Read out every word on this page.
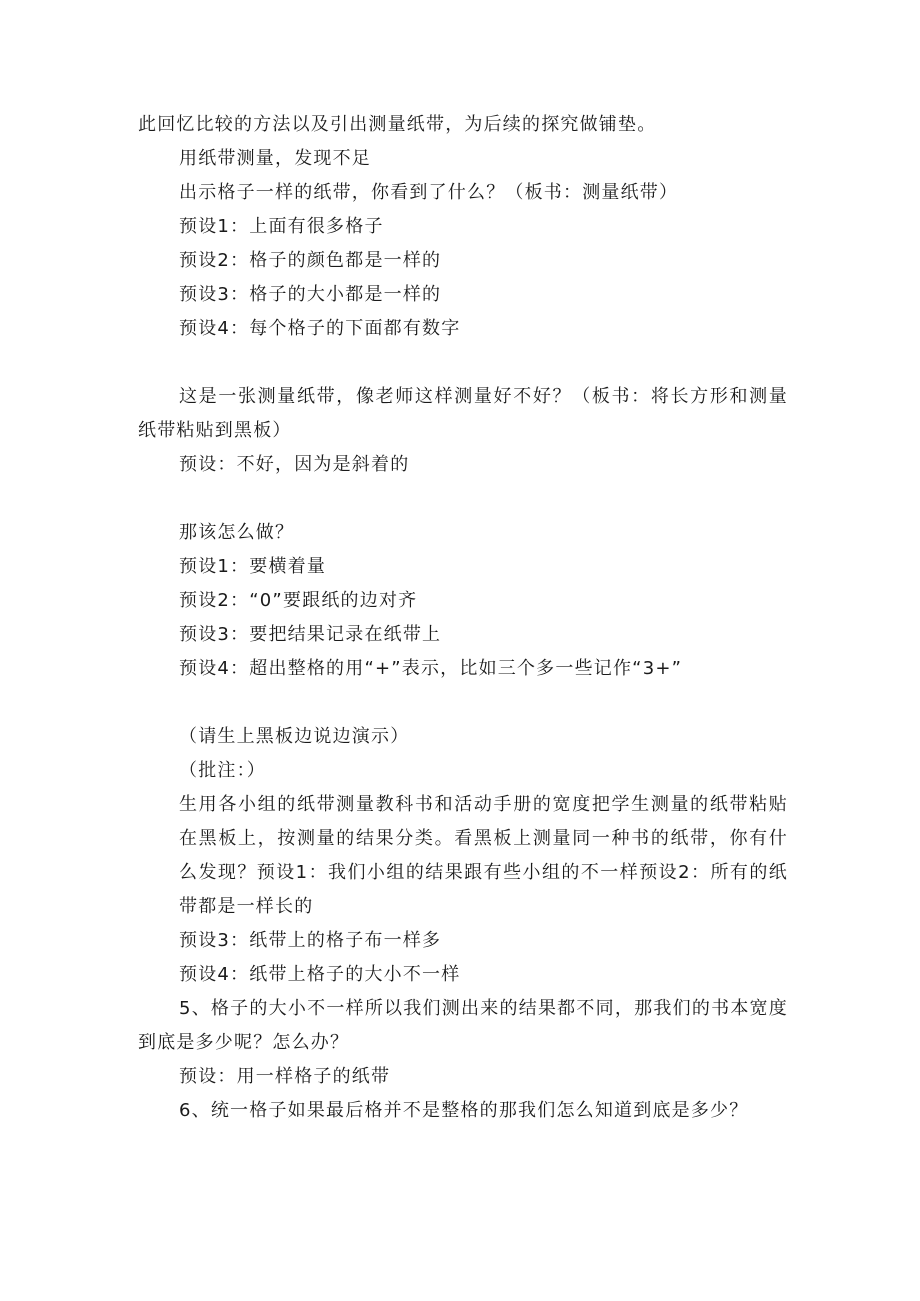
此回忆比较的方法以及引出测量纸带，为后续的探究做铺垫。
用纸带测量，发现不足
出示格子一样的纸带，你看到了什么？（板书：测量纸带）
预设1：上面有很多格子
预设2：格子的颜色都是一样的
预设3：格子的大小都是一样的
预设4：每个格子的下面都有数字
这是一张测量纸带，像老师这样测量好不好？（板书：将长方形和测量纸带粘贴到黑板）
预设：不好，因为是斜着的
那该怎么做？
预设1：要横着量
预设2：“0”要跟纸的边对齐
预设3：要把结果记录在纸带上
预设4：超出整格的用“+”表示，比如三个多一些记作“3+”
（请生上黑板边说边演示）
（批注：）
生用各小组的纸带测量教科书和活动手册的宽度把学生测量的纸带粘贴在黑板上，按测量的结果分类。看黑板上测量同一种书的纸带，你有什么发现？预设1：我们小组的结果跟有些小组的不一样预设2：所有的纸带都是一样长的
预设3：纸带上的格子布一样多
预设4：纸带上格子的大小不一样
5、格子的大小不一样所以我们测出来的结果都不同，那我们的书本宽度到底是多少呢？怎么办？
预设：用一样格子的纸带
6、统一格子如果最后格并不是整格的那我们怎么知道到底是多少？
